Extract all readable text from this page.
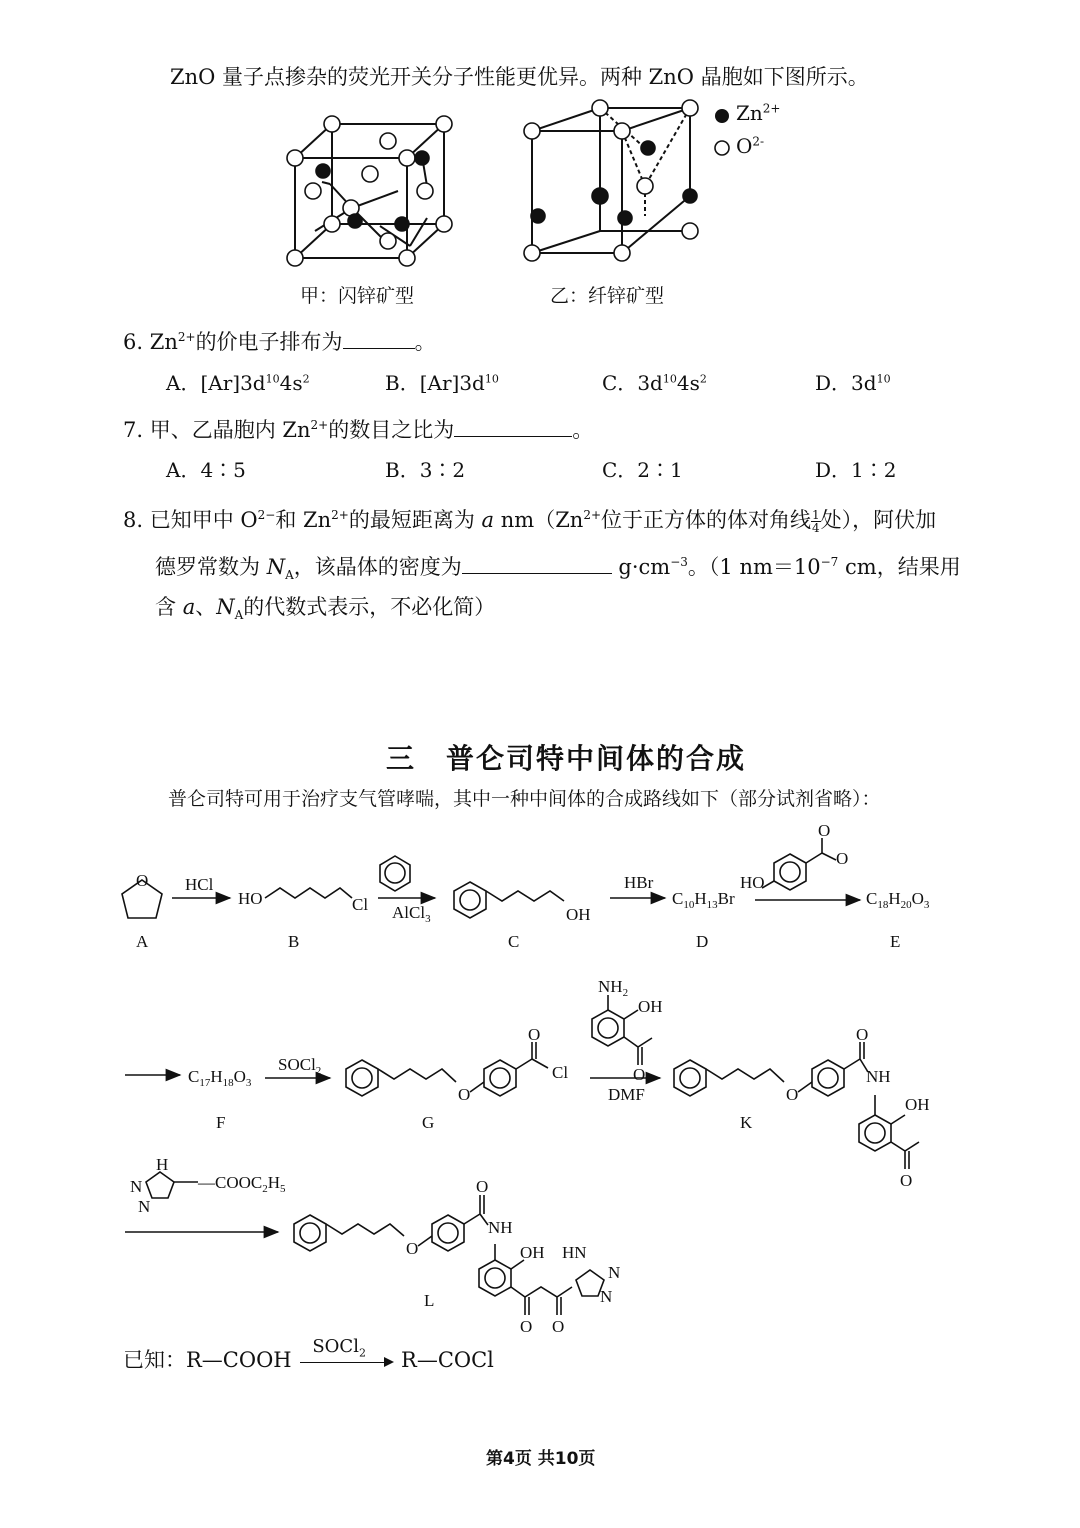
ZnO 量子点掺杂的荧光开关分子性能更优异。两种 ZnO 晶胞如下图所示。
$Zn^{2+}$
$O^{2-}$
甲：闪锌矿型	乙：纤锌矿型
6. $Zn^{2+}$的价电子排布为	。
A．$[Ar]3d^{10}4s^2$	B．$[Ar]3d^{10}$	C．$3d^{10}4s^2$	D．$3d^{10}$
7. 甲、乙晶胞内 $Zn^{2+}$的数目之比为	。
A．4∶5	B．3∶2	C．2∶1	D．1∶2
8. 已知甲中 $O^{2-}$和 $Zn^{2+}$的最短距离为 a $nm(Zn^{2+}$位于正方体的体对角线 $\frac{1}{4}$ 处），阿伏加
德罗常数为 $N_A$，该晶体的密度为	$g\cdot cm^{-3}$。（1 $nm=10^{-7}$ cm，结果用
含 a、$N_A$的代数式表示，不必化简）
三　普仑司特中间体的合成
普仑司特可用于治疗支气管哮喘，其中一种中间体的合成路线如下（部分试剂省略）：
O HCl
HO	Cl AlCl$_3$	OH
HBr
$C_{10}H_{13}Br$
HO
O
O
$C_{18}H_{20}O_3$
$C_{17}H_{18}O_3$
SOCl$_2$
O
O
Cl
$NH_2$
OH
O
DMF	O
O
NH
OH
O
H
N
N
$—COOC_2H_5$
O
O
NH
OH HN
N
N
O O
A	B	C	D	E
F	G	K
L
已知：R—COOH
SOCl$_2$ R—COCl
第4页 共10页
